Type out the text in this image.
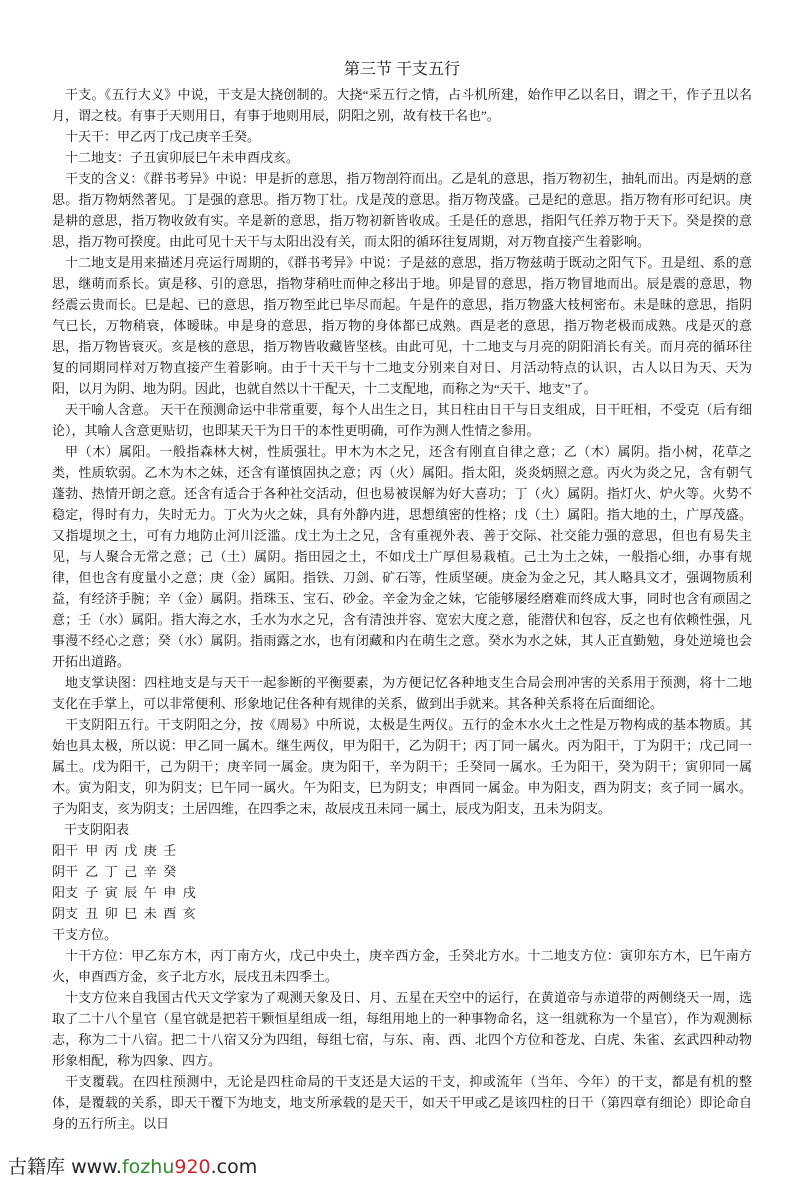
第三节 干支五行

干支。《五行大义》中说，干支是大挠创制的。大挠“采五行之情，占斗机所建，始作甲乙以名日，谓之干，作子丑以名月，谓之枝。有事于天则用日，有事于地则用辰，阴阳之别，故有枝干名也”。

十天干：甲乙丙丁戊己庚辛壬癸。

十二地支：子丑寅卯辰巳午未申酉戌亥。

干支的含义：《群书考异》中说：甲是折的意思，指万物剖符而出。乙是轧的意思，指万物初生，抽轧而出。丙是炳的意思。指万物炳然著见。丁是强的意思。指万物丁壮。戊是茂的意思。指万物茂盛。己是纪的意思。指万物有形可纪识。庚是耕的意思，指万物收敛有实。辛是新的意思，指万物初新皆收成。壬是任的意思，指阳气任养万物于天下。癸是揆的意思，指万物可揆度。由此可见十天干与太阳出没有关，而太阳的循环往复周期，对万物直接产生着影响。

十二地支是用来描述月亮运行周期的，《群书考异》中说：子是兹的意思，指万物兹萌于既动之阳气下。丑是纽、系的意思，继萌而系长。寅是移、引的意思，指物芽稍吐而伸之移出于地。卯是冒的意思，指万物冒地而出。辰是震的意思，物经震云贵而长。巳是起、已的意思，指万物至此已毕尽而起。午是仵的意思，指万物盛大枝柯密布。未是昧的意思，指阴气已长，万物稍衰，体暧昧。申是身的意思，指万物的身体都已成熟。酉是老的意思，指万物老极而成熟。戌是灭的意思，指万物皆衰灭。亥是核的意思，指万物皆收藏皆坚核。由此可见，十二地支与月亮的阴阳消长有关。而月亮的循环往复的同期同样对万物直接产生着影响。由于十天干与十二地支分别来自对日、月活动特点的认识，古人以日为天、天为阳，以月为阴、地为阴。因此，也就自然以十干配天，十二支配地，而称之为“天干、地支”了。

天干喻人含意。 天干在预测命运中非常重要，每个人出生之日，其日柱由日干与日支组成，日干旺相，不受克（后有细论），其喻人含意更贴切，也即某天干为日干的本性更明确，可作为测人性情之参用。

甲（木）属阳。一般指森林大树，性质强壮。甲木为木之兄，还含有刚直自律之意；乙（木）属阴。指小树，花草之类，性质软弱。乙木为木之妹，还含有谨慎固执之意；丙（火）属阳。指太阳，炎炎炳照之意。丙火为炎之兄，含有朝气蓬勃、热情开朗之意。还含有适合于各种社交活动，但也易被误解为好大喜功；丁（火）属阴。指灯火、炉火等。火势不稳定，得时有力，失时无力。丁火为火之妹，具有外静内进，思想缜密的性格；戊（土）属阳。指大地的土，广厚茂盛。又指堤坝之土，可有力地防止河川泛滥。戊土为土之兄，含有重视外表、善于交际、社交能力强的意思，但也有易失主见，与人聚合无常之意；己（土）属阴。指田园之土，不如戊土广厚但易栽植。己土为土之妹，一般指心细，办事有规律，但也含有度量小之意；庚（金）属阳。指铁、刀剑、矿石等，性质坚硬。庚金为金之兄，其人略具文才，强调物质利益，有经济手腕；辛（金）属阴。指珠玉、宝石、砂金。辛金为金之妹，它能够屡经磨难而终成大事，同时也含有顽固之意；壬（水）属阳。指大海之水，壬水为水之兄，含有清浊并容、宽宏大度之意，能潜伏和包容，反之也有依赖性强，凡事漫不经心之意；癸（水）属阴。指雨露之水，也有闭藏和内在萌生之意。癸水为水之妹，其人正直勤勉，身处逆境也会开拓出道路。

地支掌诀图：四柱地支是与天干一起参断的平衡要素，为方便记忆各种地支生合局会刑冲害的关系用于预测，将十二地支化在手掌上，可以非常便利、形象地记住各种有规律的关系，做到出手就来。其各种关系将在后面细论。

干支阴阳五行。干支阴阳之分，按《周易》中所说，太极是生两仪。五行的金木水火土之性是万物构成的基本物质。其始也具太极，所以说：甲乙同一属木。继生两仪，甲为阳干，乙为阴干；丙丁同一属火。丙为阳干，丁为阴干；戊己同一属土。戊为阳干，己为阴干；庚辛同一属金。庚为阳干，辛为阴干；壬癸同一属水。壬为阳干，癸为阴干；寅卯同一属木。寅为阳支，卯为阴支；巳午同一属火。午为阳支，巳为阴支；申酉同一属金。申为阳支，酉为阴支；亥子同一属水。子为阳支，亥为阴支；土居四维，在四季之末，故辰戌丑未同一属土，辰戌为阳支，丑未为阴支。

干支阴阳表

阳干 甲 丙 戊 庚 壬
阴干 乙 丁 己 辛 癸
阳支 子 寅 辰 午 申 戌
阴支 丑 卯 巳 未 酉 亥

干支方位。

十干方位：甲乙东方木，丙丁南方火，戊己中央土，庚辛西方金，壬癸北方水。十二地支方位：寅卯东方木，巳午南方火，申酉西方金，亥子北方水，辰戌丑未四季土。

十支方位来自我国古代天文学家为了观测天象及日、月、五星在天空中的运行，在黄道帝与赤道带的两侧绕天一周，选取了二十八个星官（星官就是把若干颗恒星组成一组，每组用地上的一种事物命名，这一组就称为一个星官），作为观测标志，称为二十八宿。把二十八宿又分为四组，每组七宿，与东、南、西、北四个方位和苍龙、白虎、朱雀、玄武四种动物形象相配，称为四象、四方。

干支覆载。在四柱预测中，无论是四柱命局的干支还是大运的干支，抑或流年（当年、今年）的干支，都是有机的整体，是覆载的关系，即天干覆下为地支，地支所承载的是天干，如天干甲或乙是该四柱的日干（第四章有细论）即论命自身的五行所主。以日

古籍库 www.fozhu920.com
